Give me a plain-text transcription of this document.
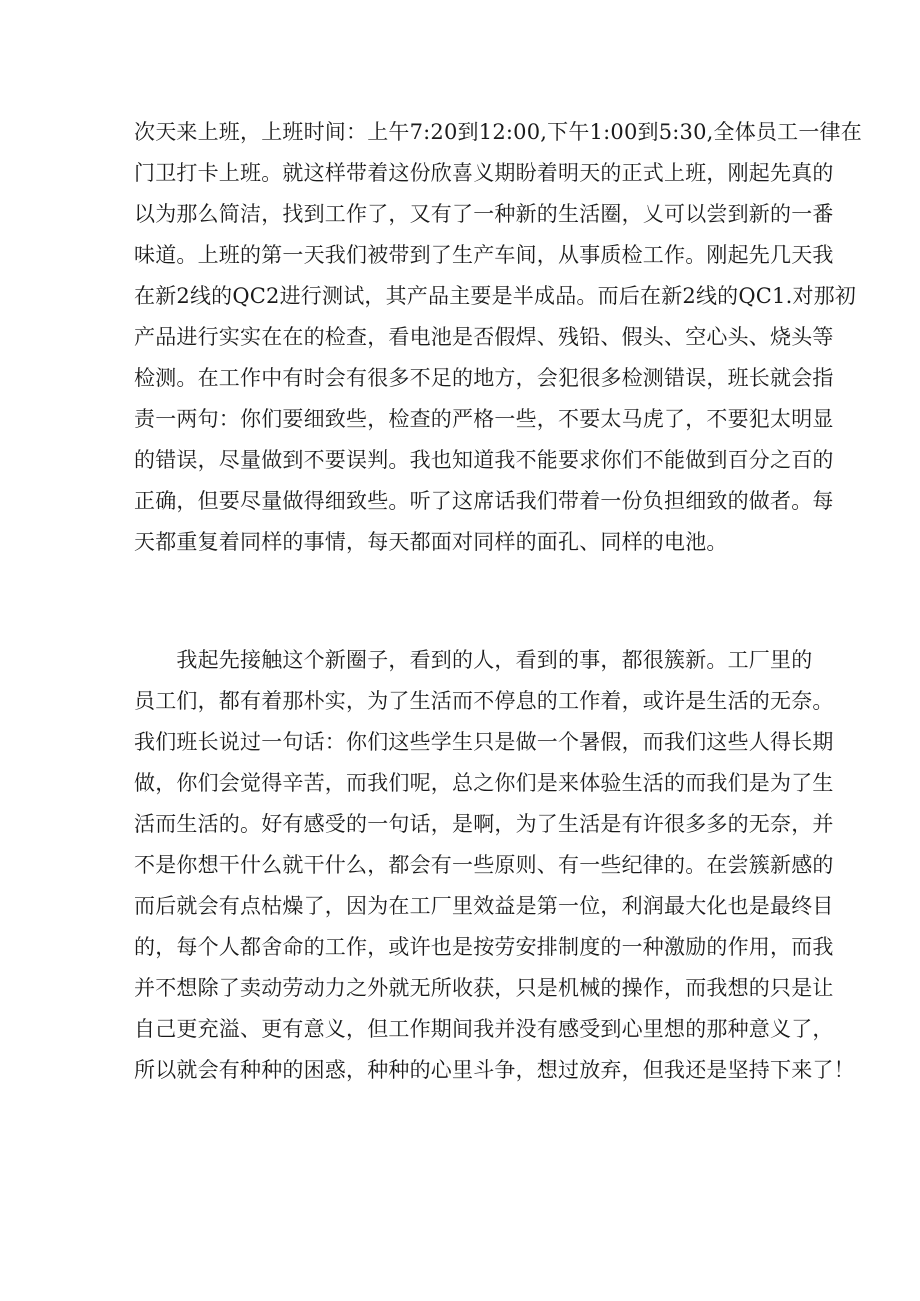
次天来上班，上班时间：上午7:20到12:00,下午1:00到5:30,全体员工一律在
门卫打卡上班。就这样带着这份欣喜义期盼着明天的正式上班，刚起先真的
以为那么简洁，找到工作了，又有了一种新的生活圈，乂可以尝到新的一番
味道。上班的第一天我们被带到了生产车间，从事质检工作。刚起先几天我
在新2线的QC2进行测试，其产品主要是半成品。而后在新2线的QC1.对那初
产品进行实实在在的检查，看电池是否假焊、残铅、假头、空心头、烧头等
检测。在工作中有时会有很多不足的地方，会犯很多检测错误，班长就会指
责一两句：你们要细致些，检查的严格一些，不要太马虎了，不要犯太明显
的错误，尽量做到不要误判。我也知道我不能要求你们不能做到百分之百的
正确，但要尽量做得细致些。听了这席话我们带着一份负担细致的做者。每
天都重复着同样的事情，每天都面对同样的面孔、同样的电池。
　　我起先接触这个新圈子，看到的人，看到的事，都很簇新。工厂里的
员工们，都有着那朴实，为了生活而不停息的工作着，或许是生活的无奈。
我们班长说过一句话：你们这些学生只是做一个暑假，而我们这些人得长期
做，你们会觉得辛苦，而我们呢，总之你们是来体验生活的而我们是为了生
活而生活的。好有感受的一句话，是啊，为了生活是有许很多多的无奈，并
不是你想干什么就干什么，都会有一些原则、有一些纪律的。在尝簇新感的
而后就会有点枯燥了，因为在工厂里效益是第一位，利润最大化也是最终目
的，每个人都舍命的工作，或许也是按劳安排制度的一种激励的作用，而我
并不想除了卖动劳动力之外就无所收获，只是机械的操作，而我想的只是让
自己更充溢、更有意义，但工作期间我并没有感受到心里想的那种意义了，
所以就会有种种的困惑，种种的心里斗争，想过放弃，但我还是坚持下来了！
